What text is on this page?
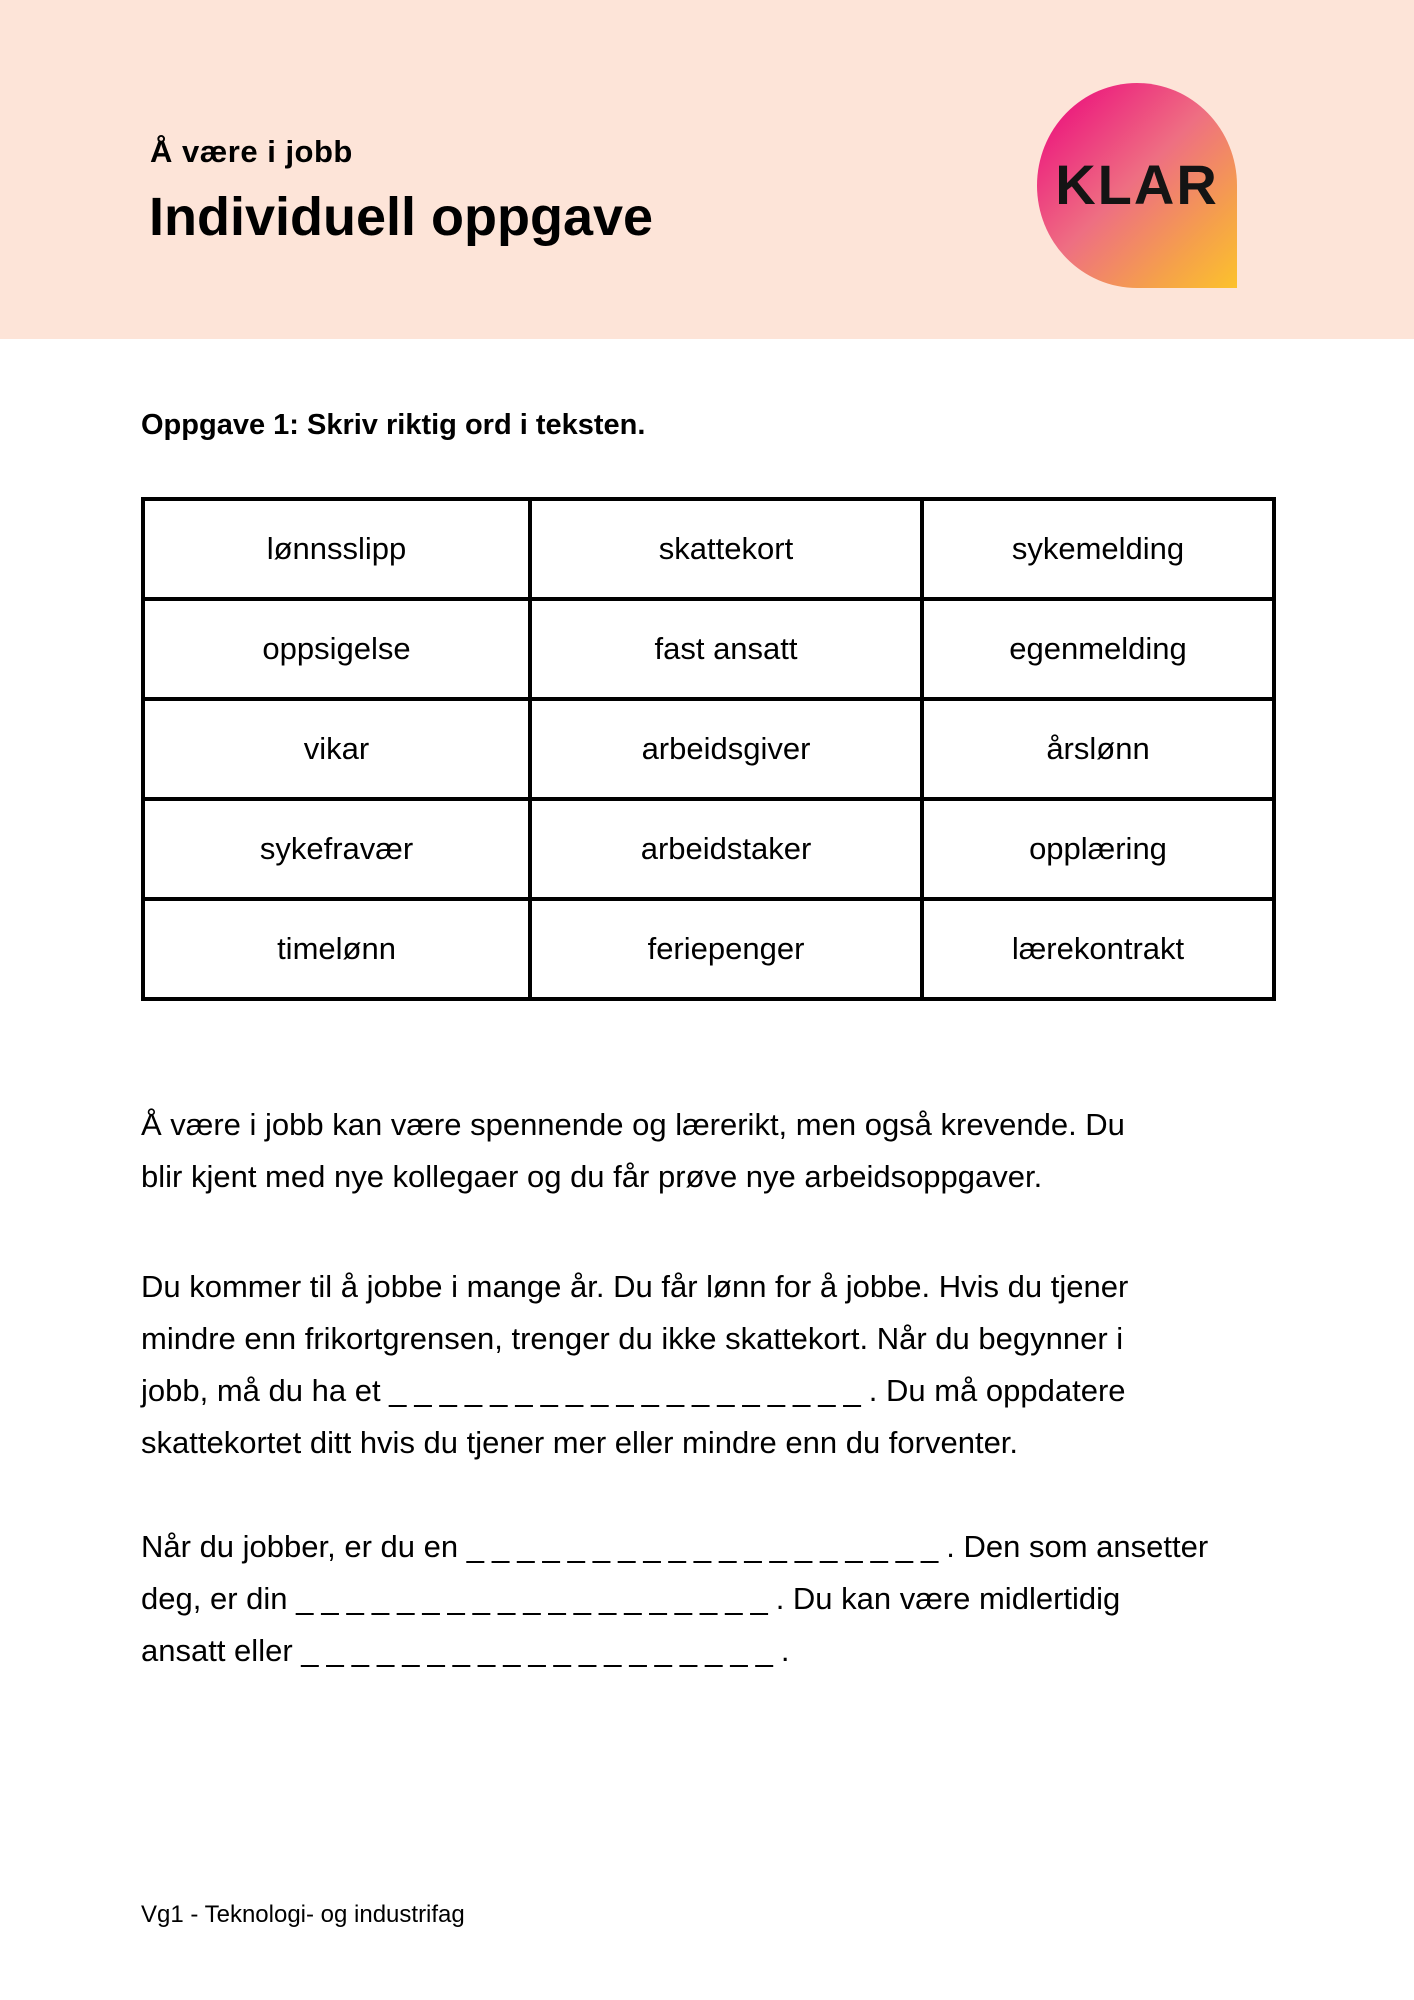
Å være i jobb
Individuell oppgave
KLAR
Oppgave 1: Skriv riktig ord i teksten.
lønnsslipp	skattekort	sykemelding
oppsigelse	fast ansatt	egenmelding
vikar	arbeidsgiver	årslønn
sykefravær	arbeidstaker	opplæring
timelønn	feriepenger	lærekontrakt
Å være i jobb kan være spennende og lærerikt, men også krevende. Du
blir kjent med nye kollegaer og du får prøve nye arbeidsoppgaver.
Du kommer til å jobbe i mange år. Du får lønn for å jobbe. Hvis du tjener
mindre enn frikortgrensen, trenger du ikke skattekort. Når du begynner i
jobb, må du ha et ___________________. Du må oppdatere
skattekortet ditt hvis du tjener mer eller mindre enn du forventer.
Når du jobber, er du en ___________________. Den som ansetter
deg, er din ___________________. Du kan være midlertidig
ansatt eller ___________________.
Vg1 - Teknologi- og industrifag
